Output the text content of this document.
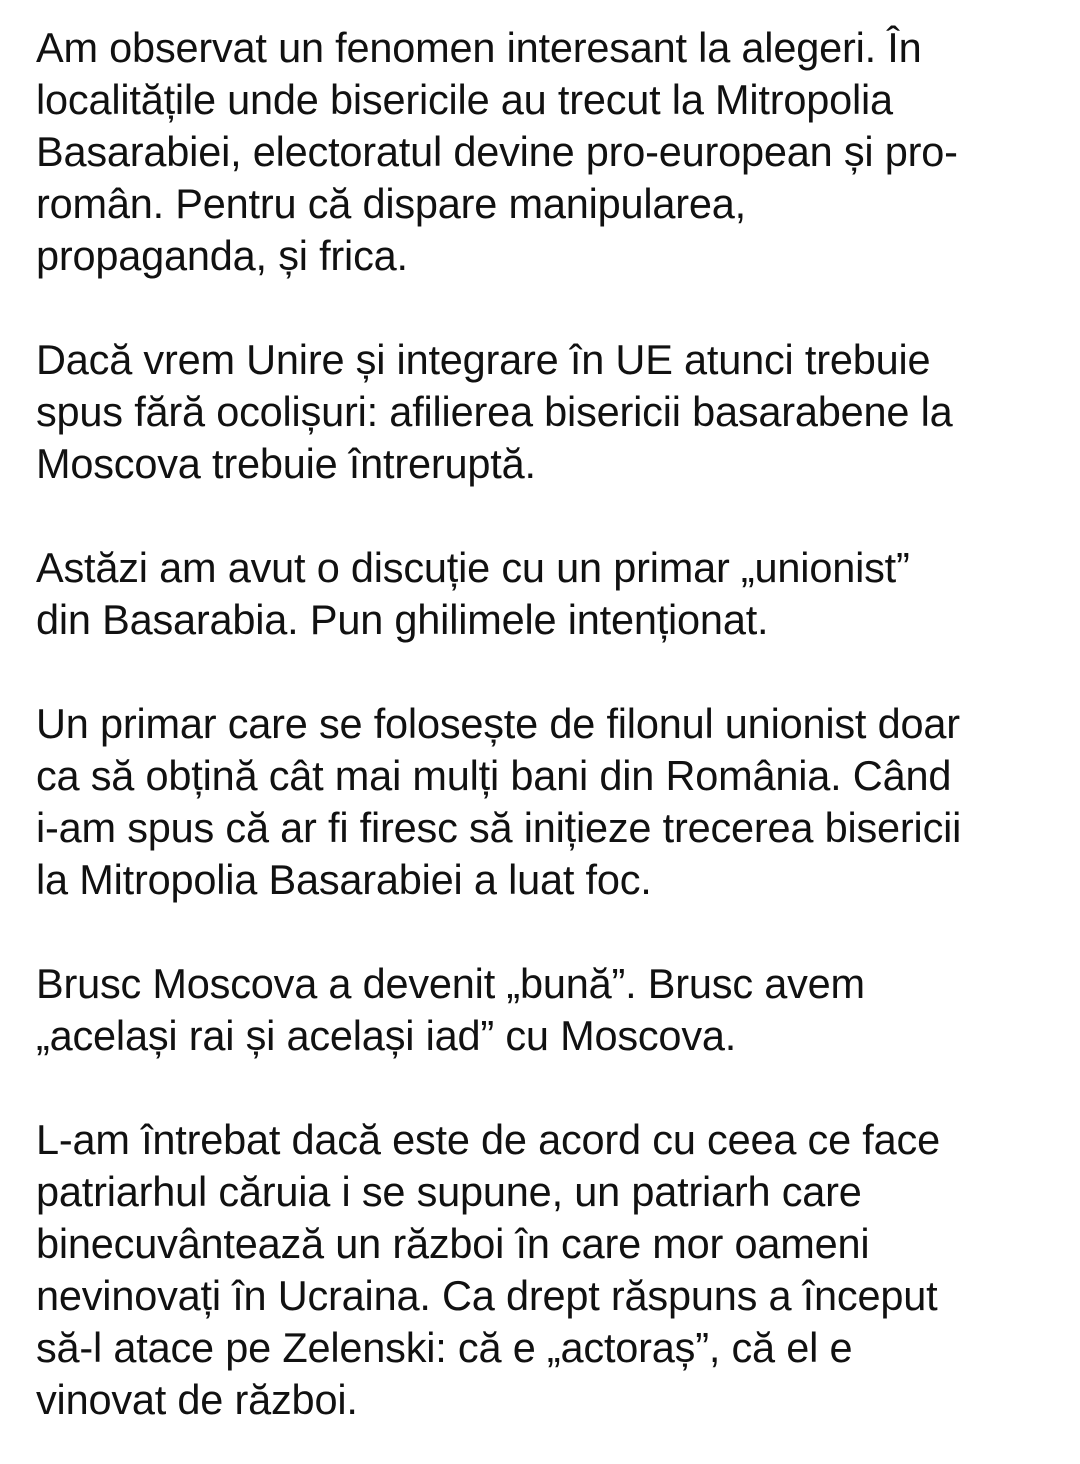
Am observat un fenomen interesant la alegeri. În
localitățile unde bisericile au trecut la Mitropolia
Basarabiei, electoratul devine pro-european și pro-
român. Pentru că dispare manipularea,
propaganda, și frica.
Dacă vrem Unire și integrare în UE atunci trebuie
spus fără ocolișuri: afilierea bisericii basarabene la
Moscova trebuie întreruptă.
Astăzi am avut o discuție cu un primar „unionist”
din Basarabia. Pun ghilimele intenționat.
Un primar care se folosește de filonul unionist doar
ca să obțină cât mai mulți bani din România. Când
i-am spus că ar fi firesc să inițieze trecerea bisericii
la Mitropolia Basarabiei a luat foc.
Brusc Moscova a devenit „bună”. Brusc avem
„același rai și același iad” cu Moscova.
L-am întrebat dacă este de acord cu ceea ce face
patriarhul căruia i se supune, un patriarh care
binecuvântează un război în care mor oameni
nevinovați în Ucraina. Ca drept răspuns a început
să-l atace pe Zelenski: că e „actoraș”, că el e
vinovat de război.
